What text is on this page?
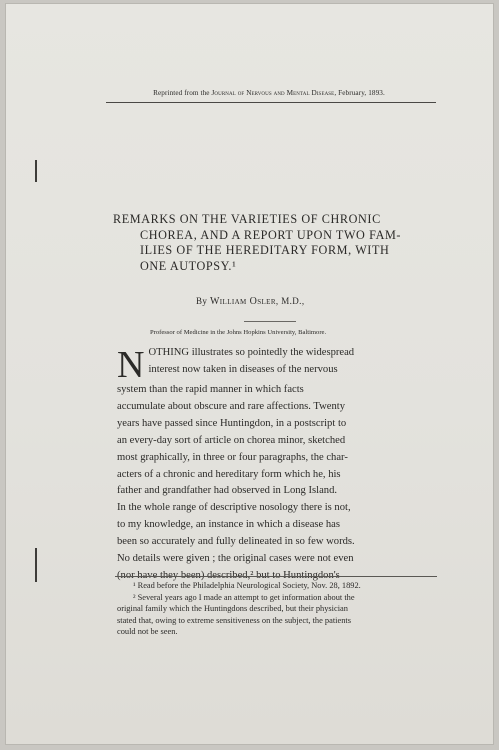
Reprinted from the Journal of Nervous and Mental Disease, February, 1893.
REMARKS ON THE VARIETIES OF CHRONIC
CHOREA, AND A REPORT UPON TWO FAM-
ILIES OF THE HEREDITARY FORM, WITH
ONE AUTOPSY.¹
By William Osler, M.D.,
Professor of Medicine in the Johns Hopkins University, Baltimore.
N OTHING illustrates so pointedly the widespread
interest now taken in diseases of the nervous
system than the rapid manner in which facts
accumulate about obscure and rare affections. Twenty
years have passed since Huntingdon, in a postscript to
an every-day sort of article on chorea minor, sketched
most graphically, in three or four paragraphs, the char-
acters of a chronic and hereditary form which he, his
father and grandfather had observed in Long Island.
In the whole range of descriptive nosology there is not,
to my knowledge, an instance in which a disease has
been so accurately and fully delineated in so few words.
No details were given ; the original cases were not even
(nor have they been) described,² but to Huntingdon's
¹ Read before the Philadelphia Neurological Society, Nov. 28, 1892.
² Several years ago I made an attempt to get information about the
original family which the Huntingdons described, but their physician
stated that, owing to extreme sensitiveness on the subject, the patients
could not be seen.
